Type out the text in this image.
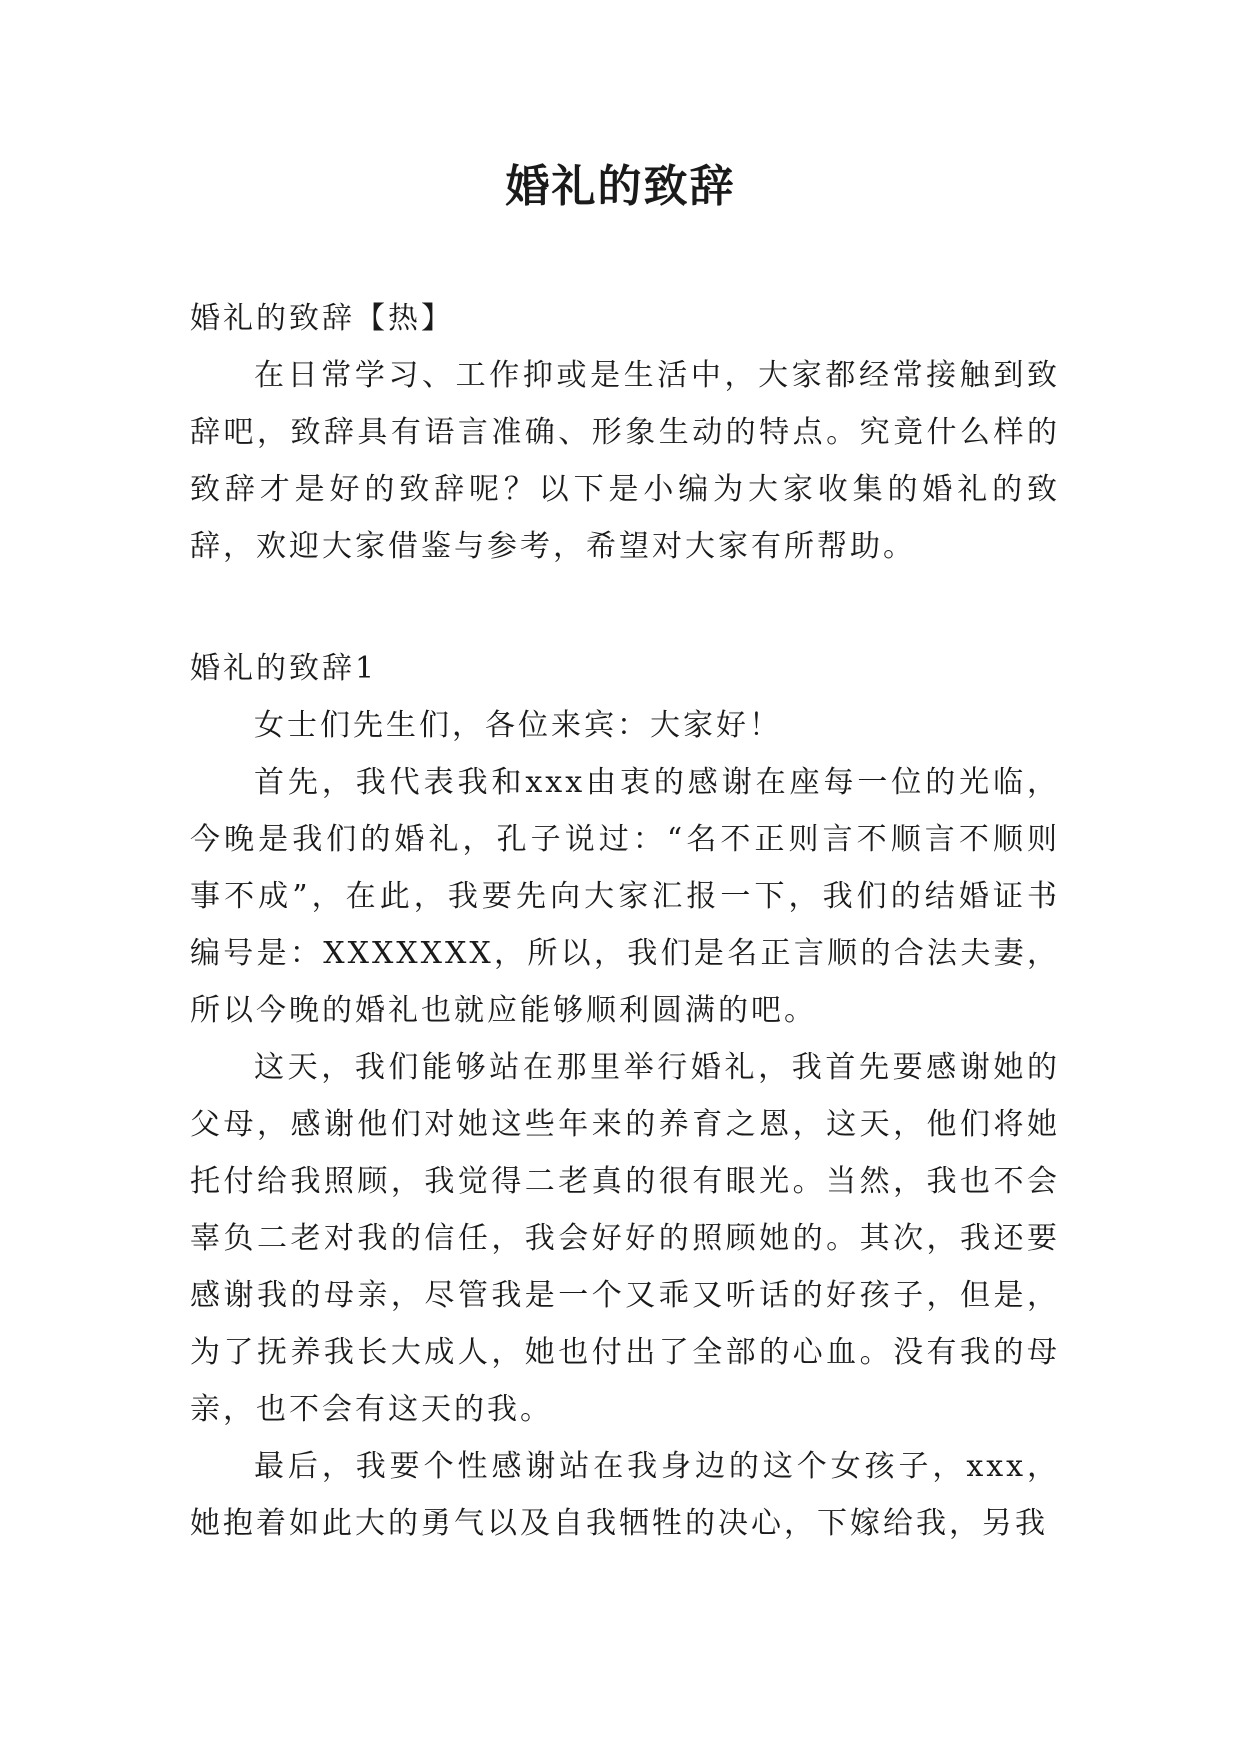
婚礼的致辞
婚礼的致辞【热】

在日常学习、工作抑或是生活中，大家都经常接触到致辞吧，致辞具有语言准确、形象生动的特点。究竟什么样的致辞才是好的致辞呢？以下是小编为大家收集的婚礼的致辞，欢迎大家借鉴与参考，希望对大家有所帮助。

婚礼的致辞1

女士们先生们，各位来宾：大家好！

首先，我代表我和xxx由衷的感谢在座每一位的光临，今晚是我们的婚礼，孔子说过：“名不正则言不顺言不顺则事不成”，在此，我要先向大家汇报一下，我们的结婚证书编号是：XXXXXXX，所以，我们是名正言顺的合法夫妻，所以今晚的婚礼也就应能够顺利圆满的吧。

这天，我们能够站在那里举行婚礼，我首先要感谢她的父母，感谢他们对她这些年来的养育之恩，这天，他们将她托付给我照顾，我觉得二老真的很有眼光。当然，我也不会辜负二老对我的信任，我会好好的照顾她的。其次，我还要感谢我的母亲，尽管我是一个又乖又听话的好孩子，但是，为了抚养我长大成人，她也付出了全部的心血。没有我的母亲，也不会有这天的我。

最后，我要个性感谢站在我身边的这个女孩子，xxx，她抱着如此大的勇气以及自我牺牲的决心，下嫁给我，另我
